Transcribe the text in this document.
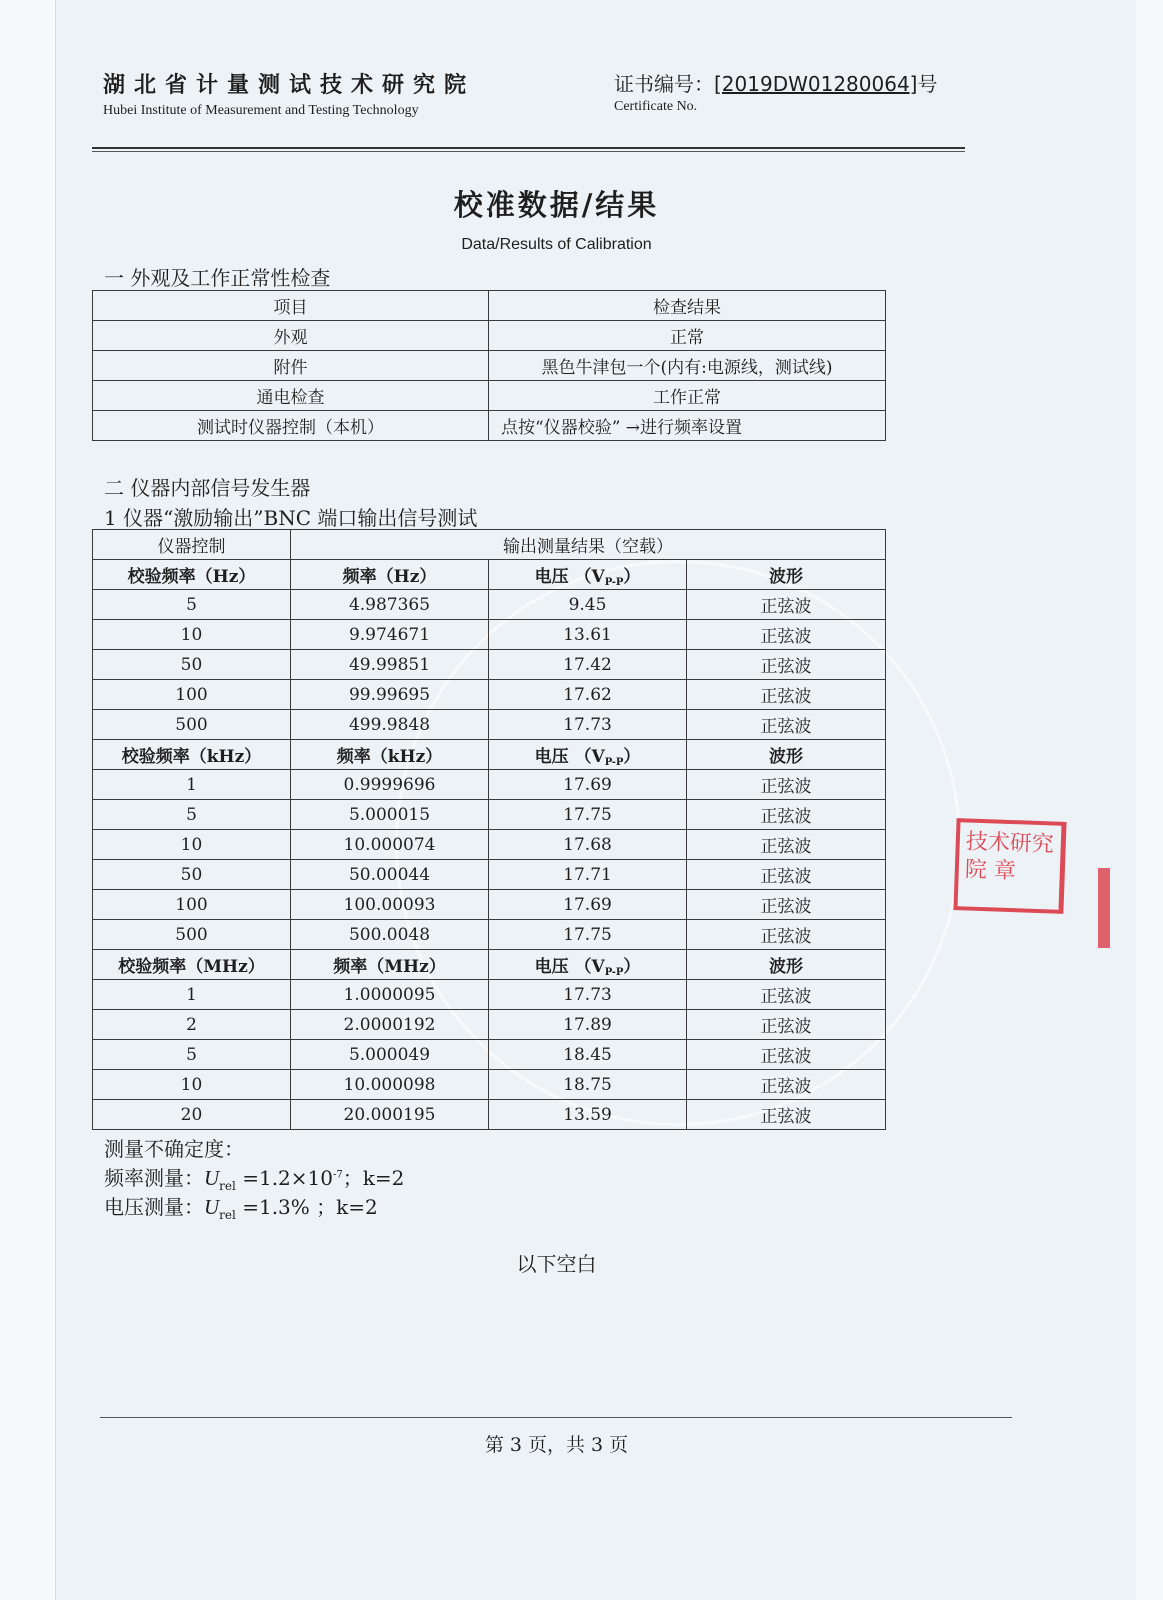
湖北省计量测试技术研究院
Hubei Institute of Measurement and Testing Technology
证书编号：[2019DW01280064]号
Certificate No.
校准数据/结果
Data/Results of Calibration
一 外观及工作正常性检查
项目	检查结果
外观	正常
附件	黑色牛津包一个(内有:电源线，测试线)
通电检查	工作正常
测试时仪器控制（本机）	点按“仪器校验” →进行频率设置
二 仪器内部信号发生器
1 仪器“激励输出”BNC 端口输出信号测试
仪器控制	输出测量结果（空载）		
校验频率（Hz）	频率（Hz）	电压 （VP-P）	波形
5	4.987365	9.45	正弦波
10	9.974671	13.61	正弦波
50	49.99851	17.42	正弦波
100	99.99695	17.62	正弦波
500	499.9848	17.73	正弦波
校验频率（kHz）	频率（kHz）	电压 （VP-P）	波形
1	0.9999696	17.69	正弦波
5	5.000015	17.75	正弦波
10	10.000074	17.68	正弦波
50	50.00044	17.71	正弦波
100	100.00093	17.69	正弦波
500	500.0048	17.75	正弦波
校验频率（MHz）	频率（MHz）	电压 （VP-P）	波形
1	1.0000095	17.73	正弦波
2	2.0000192	17.89	正弦波
5	5.000049	18.45	正弦波
10	10.000098	18.75	正弦波
20	20.000195	13.59	正弦波
测量不确定度：
频率测量：$U_{rel} =1.2\times 10^{-7}$；k=2
电压测量：$U_{rel} =1.3\%$ ；k=2
以下空白
第 3 页，共 3 页
技术研究院 章
